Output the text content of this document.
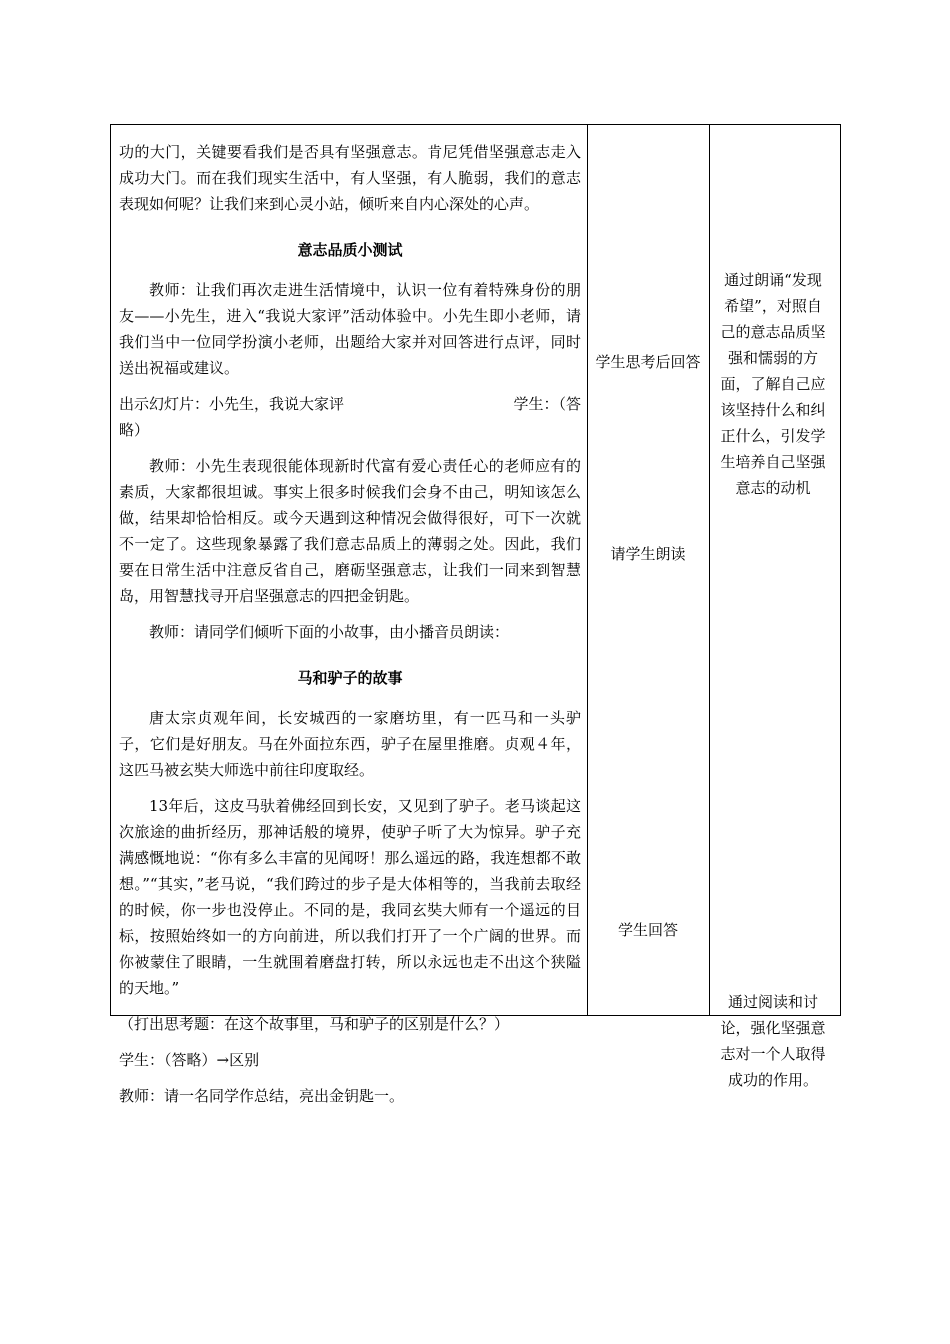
功的大门，关键要看我们是否具有坚强意志。肯尼凭借坚强意志走入成功大门。而在我们现实生活中，有人坚强，有人脆弱，我们的意志表现如何呢？让我们来到心灵小站，倾听来自内心深处的心声。

意志品质小测试

教师：让我们再次走进生活情境中，认识一位有着特殊身份的朋友——小先生，进入“我说大家评”活动体验中。小先生即小老师，请我们当中一位同学扮演小老师，出题给大家并对回答进行点评，同时送出祝福或建议。

出示幻灯片：小先生，我说大家评	学生：（答
略）

教师：小先生表现很能体现新时代富有爱心责任心的老师应有的素质，大家都很坦诚。事实上很多时候我们会身不由己，明知该怎么做，结果却恰恰相反。或今天遇到这种情况会做得很好，可下一次就不一定了。这些现象暴露了我们意志品质上的薄弱之处。因此，我们要在日常生活中注意反省自己，磨砺坚强意志，让我们一同来到智慧岛，用智慧找寻开启坚强意志的四把金钥匙。

教师：请同学们倾听下面的小故事，由小播音员朗读：

马和驴子的故事

唐太宗贞观年间，长安城西的一家磨坊里，有一匹马和一头驴子，它们是好朋友。马在外面拉东西，驴子在屋里推磨。贞观４年，这匹马被玄奘大师选中前往印度取经。

13年后，这皮马驮着佛经回到长安，又见到了驴子。老马谈起这次旅途的曲折经历，那神话般的境界，使驴子听了大为惊异。驴子充满感慨地说：“你有多么丰富的见闻呀！那么遥远的路，我连想都不敢想。”“其实，”老马说，“我们跨过的步子是大体相等的，当我前去取经的时候，你一步也没停止。不同的是，我同玄奘大师有一个遥远的目标，按照始终如一的方向前进，所以我们打开了一个广阔的世界。而你被蒙住了眼睛，一生就围着磨盘打转，所以永远也走不出这个狭隘的天地。”

（打出思考题：在这个故事里，马和驴子的区别是什么？）

学生：（答略）→区别

教师：请一名同学作总结，亮出金钥匙一。

学生思考后回答
请学生朗读
学生回答
通过朗诵“发现希望”，对照自己的意志品质坚强和懦弱的方面，了解自己应该坚持什么和纠正什么，引发学生培养自己坚强意志的动机
通过阅读和讨论，强化坚强意志对一个人取得成功的作用。
